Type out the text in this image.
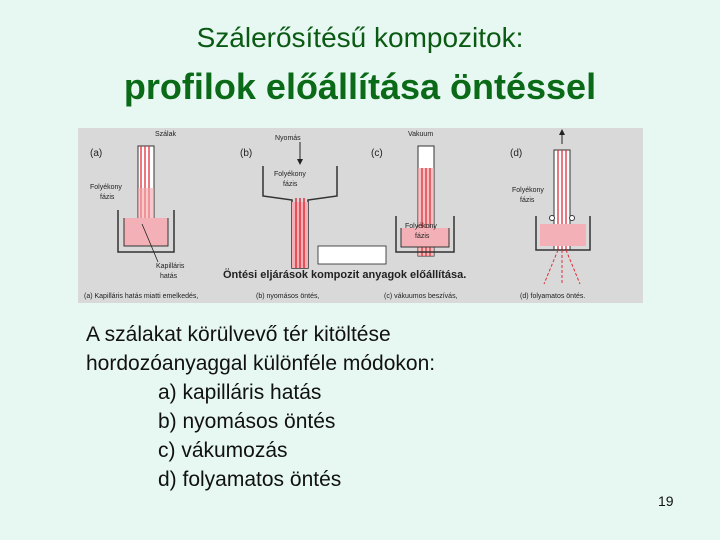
Szálerősítésű kompozitok:
profilok előállítása öntéssel
(a)	(b)	(c)	(d)
Szálak
Folyékony
fázis
Kapilláris
hatás
Nyomás
Folyékony
fázis
Vakuum
Folyékony
fázis
Folyékony
fázis
Öntési eljárások kompozit anyagok előállítása.
(a) Kapilláris hatás miatti emelkedés,	(b) nyomásos öntés,	(c) vákuumos beszívás,	(d) folyamatos öntés.
A szálakat körülvevő tér kitöltése
hordozóanyaggal különféle módokon:
a) kapilláris hatás
b) nyomásos öntés
c) vákumozás
d) folyamatos öntés
19
